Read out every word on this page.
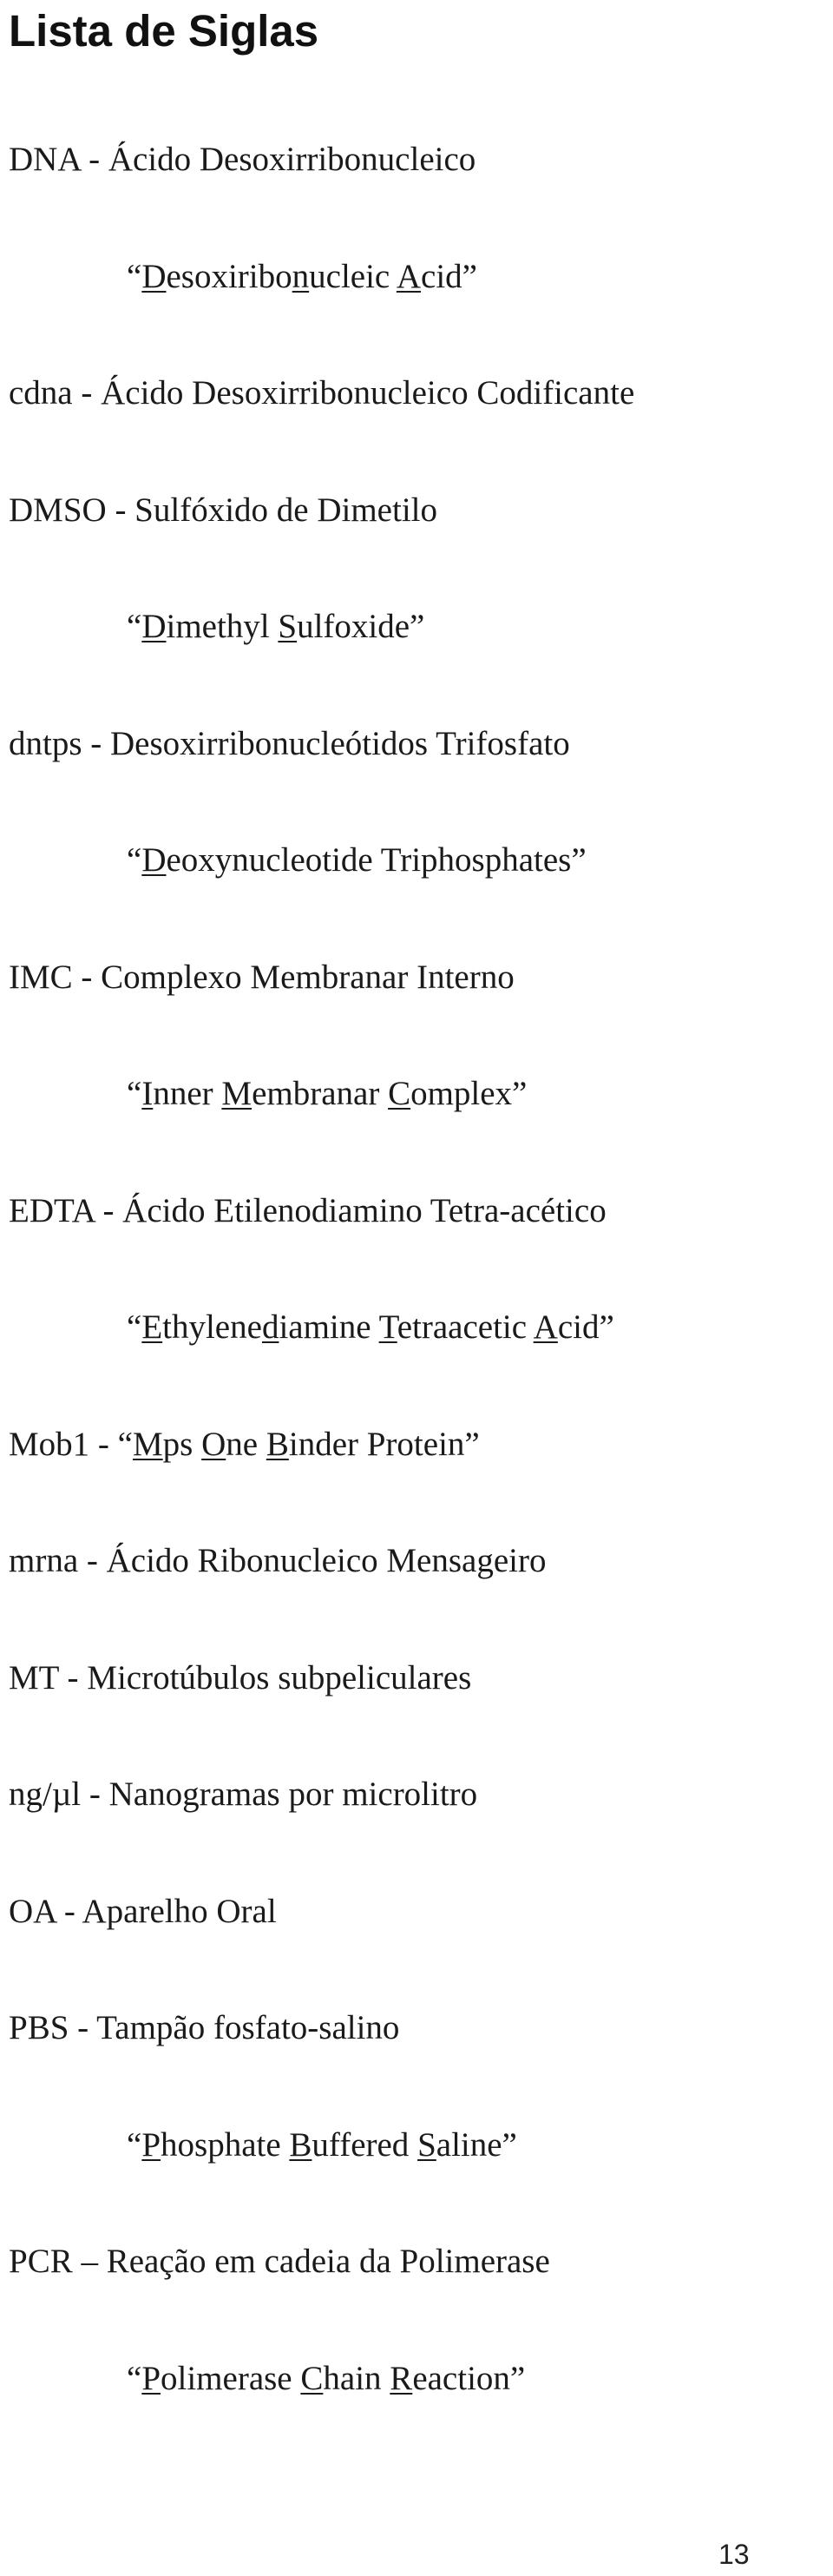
Lista de Siglas
DNA - Ácido Desoxirribonucleico
“Desoxiribonucleic Acid”
cdna - Ácido Desoxirribonucleico Codificante
DMSO - Sulfóxido de Dimetilo
“Dimethyl Sulfoxide”
dntps - Desoxirribonucleótidos Trifosfato
“Deoxynucleotide Triphosphates”
IMC - Complexo Membranar Interno
“Inner Membranar Complex”
EDTA - Ácido Etilenodiamino Tetra-acético
“Ethylenediamine Tetraacetic Acid”
Mob1 - “Mps One Binder Protein”
mrna - Ácido Ribonucleico Mensageiro
MT - Microtúbulos subpeliculares
ng/µl - Nanogramas por microlitro
OA - Aparelho Oral
PBS - Tampão fosfato-salino
“Phosphate Buffered Saline”
PCR – Reação em cadeia da Polimerase
“Polimerase Chain Reaction”
13
